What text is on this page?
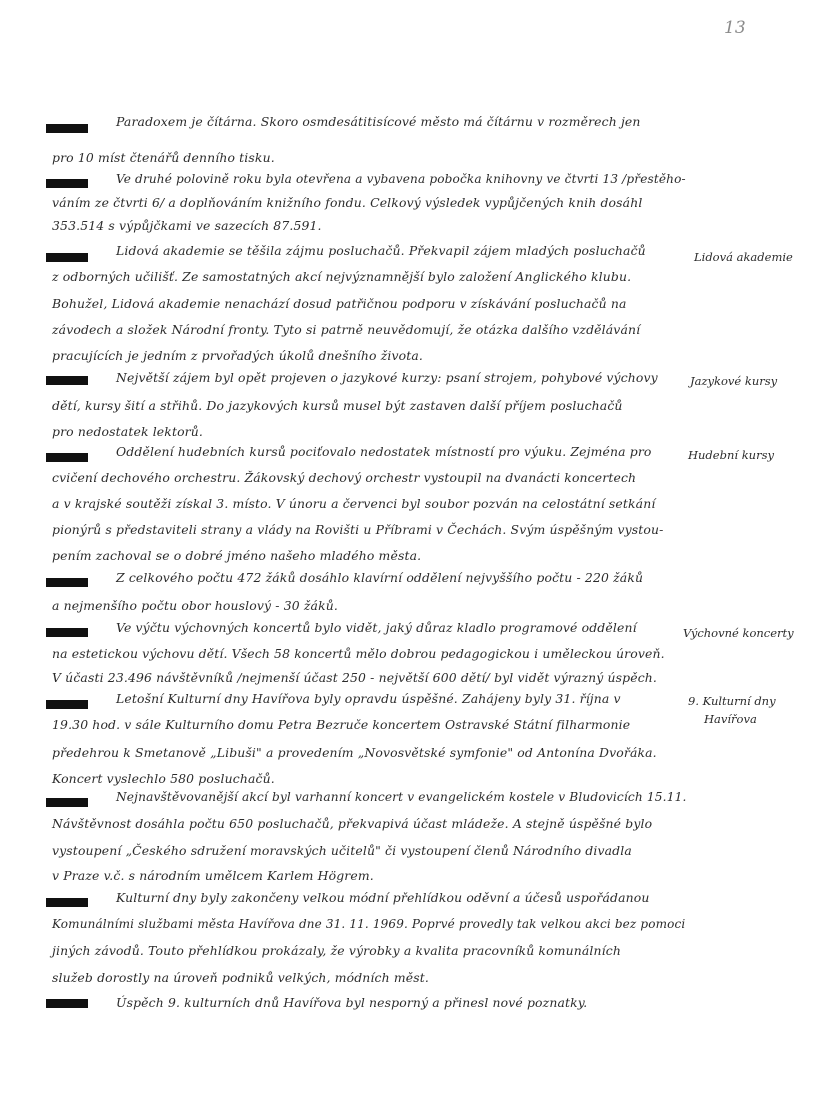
13
Paradoxem je čítárna. Skoro osmdesátitisícové město má čítárnu v rozměrech jen
pro 10 míst čtenářů denního tisku.
Ve druhé polovině roku byla otevřena a vybavena pobočka knihovny ve čtvrti 13 /přestěho-
váním ze čtvrti 6/ a doplňováním knižního fondu. Celkový výsledek vypůjčených knih dosáhl
353.514 s výpůjčkami ve sazecích 87.591.
Lidová akademie se těšila zájmu posluchačů. Překvapil zájem mladých posluchačů
z odborných učilišť. Ze samostatných akcí nejvýznamnější bylo založení Anglického klubu.
Bohužel, Lidová akademie nenachází dosud patřičnou podporu v získávání posluchačů na
závodech a složek Národní fronty. Tyto si patrně neuvědomují, že otázka dalšího vzdělávání
pracujících je jedním z prvořadých úkolů dnešního života.
Největší zájem byl opět projeven o jazykové kurzy: psaní strojem, pohybové výchovy
dětí, kursy šití a střihů. Do jazykových kursů musel být zastaven další příjem posluchačů
pro nedostatek lektorů.
Oddělení hudebních kursů pociťovalo nedostatek místností pro výuku. Zejména pro
cvičení dechového orchestru. Žákovský dechový orchestr vystoupil na dvanácti koncertech
a v krajské soutěži získal 3. místo. V únoru a červenci byl soubor pozván na celostátní setkání
pionýrů s představiteli strany a vlády na Rovišti u Příbrami v Čechách. Svým úspěšným vystou-
pením zachoval se o dobré jméno našeho mladého města.
Z celkového počtu 472 žáků dosáhlo klavírní oddělení nejvyššího počtu - 220 žáků
a nejmenšího počtu obor houslový - 30 žáků.
Ve výčtu výchovných koncertů bylo vidět, jaký důraz kladlo programové oddělení
na estetickou výchovu dětí. Všech 58 koncertů mělo dobrou pedagogickou i uměleckou úroveň.
V účasti 23.496 návštěvníků /nejmenší účast 250 - největší 600 dětí/ byl vidět výrazný úspěch.
Letošní Kulturní dny Havířova byly opravdu úspěšné. Zahájeny byly 31. října v
19.30 hod. v sále Kulturního domu Petra Bezruče koncertem Ostravské Státní filharmonie
předehrou k Smetanově „Libuši" a provedením „Novosvětské symfonie" od Antonína Dvořáka.
Koncert vyslechlo 580 posluchačů.
Nejnavštěvovanější akcí byl varhanní koncert v evangelickém kostele v Bludovicích 15.11.
Návštěvnost dosáhla počtu 650 posluchačů, překvapivá účast mládeže. A stejně úspěšné bylo
vystoupení „Českého sdružení moravských učitelů" či vystoupení členů Národního divadla
v Praze v.č. s národním umělcem Karlem Högrem.
Kulturní dny byly zakončeny velkou módní přehlídkou oděvní a účesů uspořádanou
Komunálními službami města Havířova dne 31. 11. 1969. Poprvé provedly tak velkou akci bez pomoci
jiných závodů. Touto přehlídkou prokázaly, že výrobky a kvalita pracovníků komunálních
služeb dorostly na úroveň podniků velkých, módních měst.
Úspěch 9. kulturních dnů Havířova byl nesporný a přinesl nové poznatky.
Lidová akademie
Jazykové kursy
Hudební kursy
Výchovné koncerty
9. Kulturní dny
Havířova
